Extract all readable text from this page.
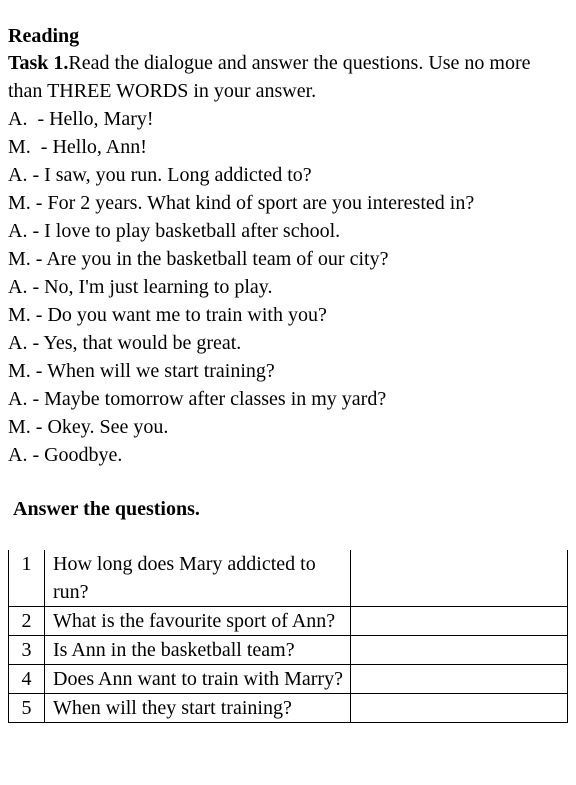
Reading
Task 1.Read the dialogue and answer the questions. Use no more than THREE WORDS in your answer.
A. - Hello, Mary!
M. - Hello, Ann!
A. - I saw, you run. Long addicted to?
M. - For 2 years. What kind of sport are you interested in?
A. - I love to play basketball after school.
M. - Are you in the basketball team of our city?
A. - No, I'm just learning to play.
M. - Do you want me to train with you?
A. - Yes, that would be great.
M. - When will we start training?
A. - Maybe tomorrow after classes in my yard?
M. - Okey. See you.
A. - Goodbye.
Answer the questions.
1	How long does Mary addicted to run?	
2	What is the favourite sport of Ann?	
3	Is Ann in the basketball team?	
4	Does Ann want to train with Marry?	
5	When will they start training?	
